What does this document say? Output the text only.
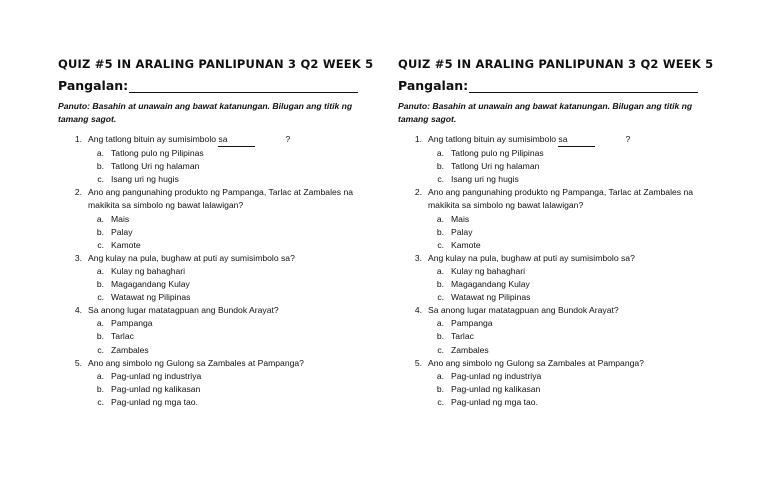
QUIZ #5 IN ARALING PANLIPUNAN 3 Q2 WEEK 5
Pangalan:
Panuto: Basahin at unawain ang bawat katanungan. Bilugan ang titik ng tamang sagot.
1. Ang tatlong bituin ay sumisimbolo sa	?
a. Tatlong pulo ng Pilipinas
b. Tatlong Uri ng halaman
c. Isang uri ng hugis
2. Ano ang pangunahing produkto ng Pampanga, Tarlac at Zambales na makikita sa simbolo ng bawat lalawigan?
a. Mais
b. Palay
c. Kamote
3. Ang kulay na pula, bughaw at puti ay sumisimbolo sa?
a. Kulay ng bahaghari
b. Magagandang Kulay
c. Watawat ng Pilipinas
4. Sa anong lugar matatagpuan ang Bundok Arayat?
a. Pampanga
b. Tarlac
c. Zambales
5. Ano ang simbolo ng Gulong sa Zambales at Pampanga?
a. Pag-unlad ng industriya
b. Pag-unlad ng kalikasan
c. Pag-unlad ng mga tao.
QUIZ #5 IN ARALING PANLIPUNAN 3 Q2 WEEK 5
Pangalan:
Panuto: Basahin at unawain ang bawat katanungan. Bilugan ang titik ng tamang sagot.
1. Ang tatlong bituin ay sumisimbolo sa	?
a. Tatlong pulo ng Pilipinas
b. Tatlong Uri ng halaman
c. Isang uri ng hugis
2. Ano ang pangunahing produkto ng Pampanga, Tarlac at Zambales na makikita sa simbolo ng bawat lalawigan?
a. Mais
b. Palay
c. Kamote
3. Ang kulay na pula, bughaw at puti ay sumisimbolo sa?
a. Kulay ng bahaghari
b. Magagandang Kulay
c. Watawat ng Pilipinas
4. Sa anong lugar matatagpuan ang Bundok Arayat?
a. Pampanga
b. Tarlac
c. Zambales
5. Ano ang simbolo ng Gulong sa Zambales at Pampanga?
a. Pag-unlad ng industriya
b. Pag-unlad ng kalikasan
c. Pag-unlad ng mga tao.
